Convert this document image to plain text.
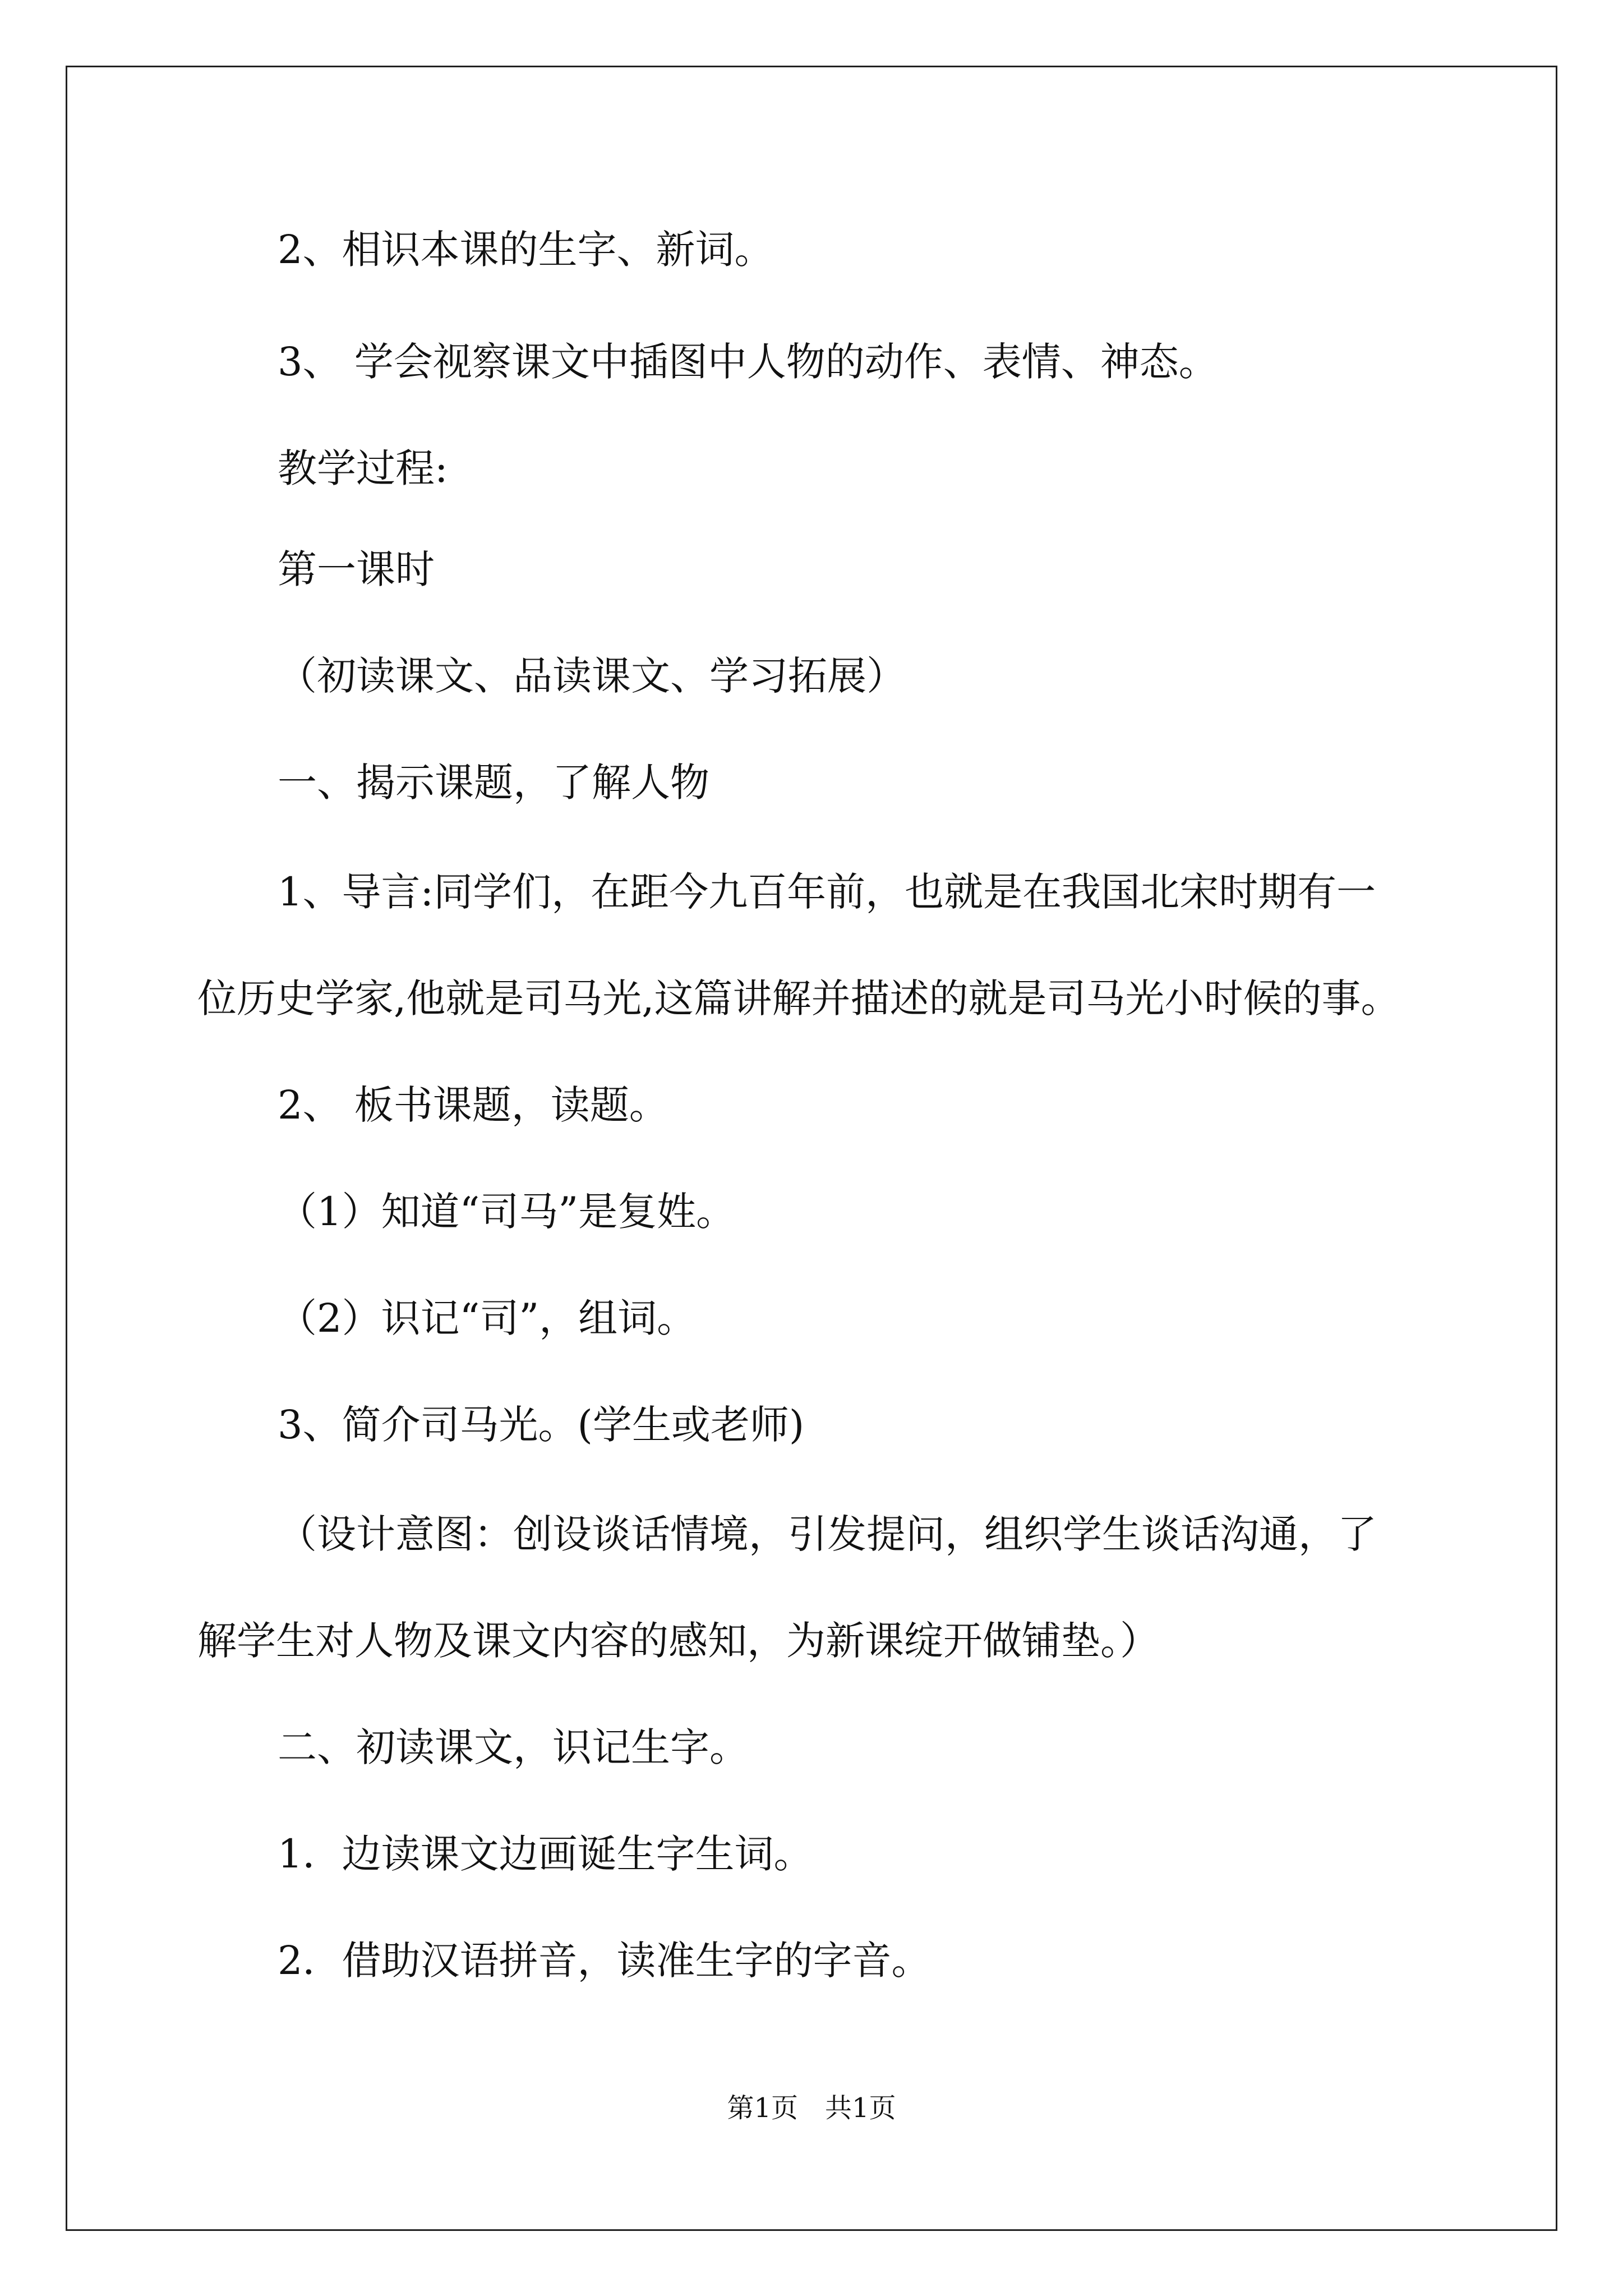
2、相识本课的生字、新词。
3、 学会视察课文中插图中人物的动作、表情、神态。
教学过程:
第一课时
（初读课文、品读课文、学习拓展）
一、揭示课题，了解人物
1、导言:同学们，在距今九百年前，也就是在我国北宋时期有一
位历史学家,他就是司马光,这篇讲解并描述的就是司马光小时候的事。
2、 板书课题，读题。
（1）知道“司马”是复姓。
（2）识记“司”，组词。
3、简介司马光。(学生或老师)
（设计意图：创设谈话情境，引发提问，组织学生谈话沟通，了
解学生对人物及课文内容的感知，为新课绽开做铺垫。）
二、初读课文，识记生字。
1．边读课文边画诞生字生词。
2．借助汉语拼音，读准生字的字音。
第1页　共1页
